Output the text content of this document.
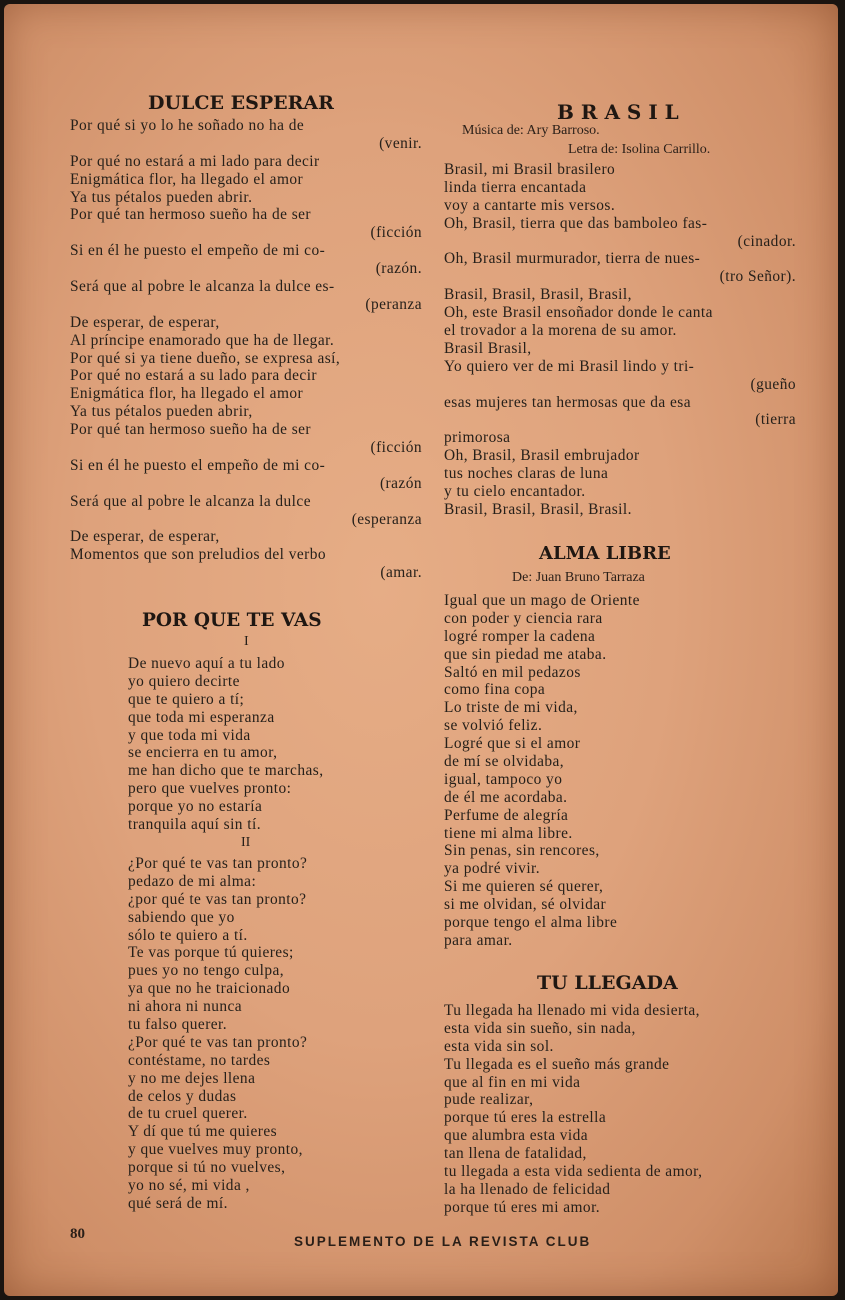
DULCE ESPERAR
Por qué si yo lo he soñado no ha de
(venir.
Por qué no estará a mi lado para decir
Enigmática flor, ha llegado el amor
Ya tus pétalos pueden abrir.
Por qué tan hermoso sueño ha de ser
(ficción
Si en él he puesto el empeño de mi co-
(razón.
Será que al pobre le alcanza la dulce es-
(peranza
De esperar, de esperar,
Al príncipe enamorado que ha de llegar.
Por qué si ya tiene dueño, se expresa así,
Por qué no estará a su lado para decir
Enigmática flor, ha llegado el amor
Ya tus pétalos pueden abrir,
Por qué tan hermoso sueño ha de ser
(ficción
Si en él he puesto el empeño de mi co-
(razón
Será que al pobre le alcanza la dulce
(esperanza
De esperar, de esperar,
Momentos que son preludios del verbo
(amar.
POR QUE TE VAS
I
De nuevo aquí a tu lado
yo quiero decirte
que te quiero a tí;
que toda mi esperanza
y que toda mi vida
se encierra en tu amor,
me han dicho que te marchas,
pero que vuelves pronto:
porque yo no estaría
tranquila aquí sin tí.
II
¿Por qué te vas tan pronto?
pedazo de mi alma:
¿por qué te vas tan pronto?
sabiendo que yo
sólo te quiero a tí.
Te vas porque tú quieres;
pues yo no tengo culpa,
ya que no he traicionado
ni ahora ni nunca
tu falso querer.
¿Por qué te vas tan pronto?
contéstame, no tardes
y no me dejes llena
de celos y dudas
de tu cruel querer.
Y dí que tú me quieres
y que vuelves muy pronto,
porque si tú no vuelves,
yo no sé, mi vida ,
qué será de mí.
B R A S I L
Música de: Ary Barroso.
Letra de: Isolina Carrillo.
Brasil, mi Brasil brasilero
linda tierra encantada
voy a cantarte mis versos.
Oh, Brasil, tierra que das bamboleo fas-
(cinador.
Oh, Brasil murmurador, tierra de nues-
(tro Señor).
Brasil, Brasil, Brasil, Brasil,
Oh, este Brasil ensoñador donde le canta
el trovador a la morena de su amor.
Brasil Brasil,
Yo quiero ver de mi Brasil lindo y tri-
(gueño
esas mujeres tan hermosas que da esa
(tierra
primorosa
Oh, Brasil, Brasil embrujador
tus noches claras de luna
y tu cielo encantador.
Brasil, Brasil, Brasil, Brasil.
ALMA LIBRE
De: Juan Bruno Tarraza
Igual que un mago de Oriente
con poder y ciencia rara
logré romper la cadena
que sin piedad me ataba.
Saltó en mil pedazos
como fina copa
Lo triste de mi vida,
se volvió feliz.
Logré que si el amor
de mí se olvidaba,
igual, tampoco yo
de él me acordaba.
Perfume de alegría
tiene mi alma libre.
Sin penas, sin rencores,
ya podré vivir.
Si me quieren sé querer,
si me olvidan, sé olvidar
porque tengo el alma libre
para amar.
TU LLEGADA
Tu llegada ha llenado mi vida desierta,
esta vida sin sueño, sin nada,
esta vida sin sol.
Tu llegada es el sueño más grande
que al fin en mi vida
pude realizar,
porque tú eres la estrella
que alumbra esta vida
tan llena de fatalidad,
tu llegada a esta vida sedienta de amor,
la ha llenado de felicidad
porque tú eres mi amor.
80	SUPLEMENTO DE LA REVISTA CLUB
